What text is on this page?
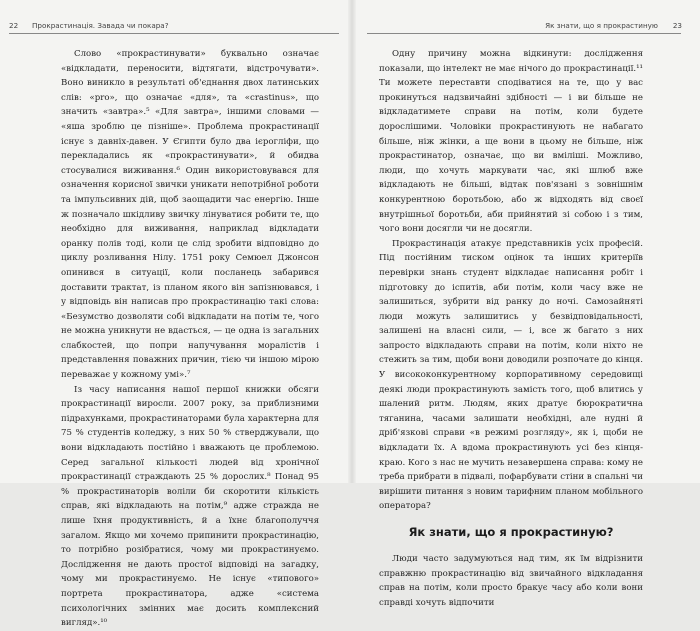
22 Прокрастинація. Завада чи покара?

Слово «прокрастинувати» буквально означає «відкладати, переносити, відтягати, відстрочувати». Воно виникло в результаті об'єднання двох латинських слів: «pro», що означає «для», та «crastinus», що значить «завтра».⁵ «Для завтра», іншими словами — «яша зроблю це пізніше». Проблема прокрастинації існує з давніх-давен. У Єгипти було два ієрогліфи, що перекладались як «прокрастинувати», й обидва стосувалися виживання.⁶ Один використовувався для означення корисної звички уникати непотрібної роботи та імпульсивних дій, щоб заощадити час енергію. Інше ж позначало шкідливу звичку лінуватися робити те, що необхідно для виживання, наприклад відкладати оранку полів тоді, коли це слід зробити відповідно до циклу розливання Нілу. 1751 року Семюел Джонсон опинився в ситуації, коли посланець забарився доставити трактат, із планом якого він запізнювався, і у відповідь він написав про прокрастинацію такі слова: «Безумство дозволяти собі відкладати на потім те, чого не можна уникнути не вдасться, — це одна із загальних слабкостей, що попри напучування моралістів і представлення поважних причин, тією чи іншою мірою переважає у кожному умі».⁷

Із часу написання нашої першої книжки обсяги прокрастинації виросли. 2007 року, за приблизними підрахунками, прокрастинаторами була характерна для 75 % студентів коледжу, з них 50 % стверджували, що вони відкладають постійно і вважають це проблемою. Серед загальної кількості людей від хронічної прокрастинації страждають 25 % дорослих.⁸ Понад 95 % прокрастинаторів воліли би скоротити кількість справ, які відкладають на потім,⁹ адже стражда не лише їхня продуктивність, й а їхнє благополуччя загалом. Якщо ми хочемо припинити прокрастинацію, то потрібно розібратися, чому ми прокрастинуємо. Дослідження не дають простої відповіді на загадку, чому ми прокрастинуємо. Не існує «типового» портрета прокрастинатора, адже «система психологічних змінних має досить комплексний вигляд».¹⁰

Як знати, що я прокрастиную 23

Одну причину можна відкинути: дослідження показали, що інтелект не має нічого до прокрастинації.¹¹ Ти можете переставти сподіватися на те, що у вас прокинуться надзвичайні здібності — і ви більше не відкладатимете справи на потім, коли будете дорослішими. Чоловіки прокрастинують не набагато більше, ніж жінки, а ще вони в цьому не більше, ніж прокрастинатор, означає, що ви вміліші. Можливо, люди, що хочуть маркувати час, які шлюб вже відкладають не більші, відтак пов'язані з зовнішнім конкурентною боротьбою, або ж відходять від своєї внутрішньої боротьби, аби прийнятий зі собою і з тим, чого вони досягли чи не досягли.

Прокрастинація атакує представників усіх професій. Під постійним тиском оцінок та інших критеріїв перевірки знань студент відкладає написання робіт і підготовку до іспитів, аби потім, коли часу вже не залишиться, зубрити від ранку до ночі. Самозайняті люди можуть залишитись у безвідповідальності, залишені на власні сили, — і, все ж багато з них запросто відкладають справи на потім, коли ніхто не стежить за тим, щоби вони доводили розпочате до кінця. У висококонкурентному корпоративному середовищі деякі люди прокрастинують замість того, щоб влитись у шалений ритм. Людям, яких дратує бюрократична тяганина, часами залишати необхідні, але нудні й дріб'язкові справи «в режимі розгляду», як і, щоби не відкладати їх. А вдома прокрастинують усі без кінця-краю. Кого з нас не мучить незавершена справа: кому не треба прибрати в підвалі, пофарбувати стіни в спальні чи вирішити питання з новим тарифним планом мобільного оператора?

Як знати, що я прокрастиную?

Люди часто задумуються над тим, як їм відрізнити справжню прокрастинацію від звичайного відкладання справ на потім, коли просто бракує часу або коли вони справді хочуть відпочити
